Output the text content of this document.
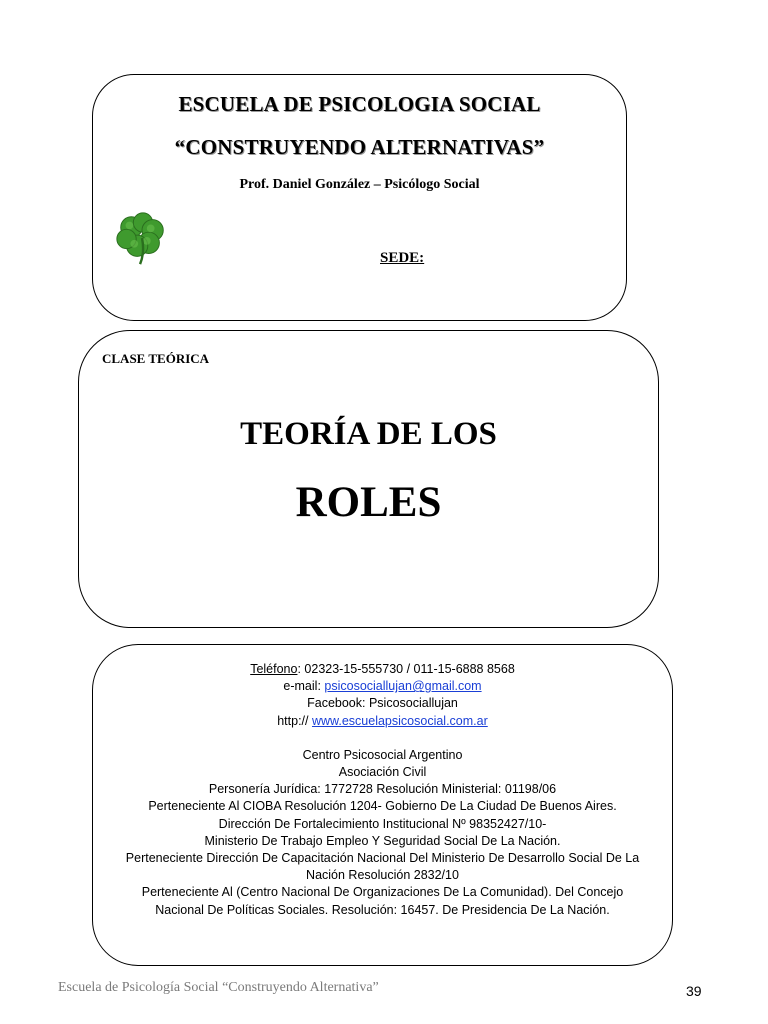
ESCUELA DE PSICOLOGIA SOCIAL
“CONSTRUYENDO ALTERNATIVAS”
Prof. Daniel González – Psicólogo Social
SEDE:
CLASE TEÓRICA
TEORÍA DE LOS
ROLES
Teléfono: 02323-15-555730 / 011-15-6888 8568
e-mail: psicosociallujan@gmail.com
Facebook: Psicosociallujan
http:// www.escuelapsicosocial.com.ar
Centro Psicosocial Argentino
Asociación Civil
Personería Jurídica: 1772728 Resolución Ministerial: 01198/06
Perteneciente Al CIOBA Resolución 1204- Gobierno De La Ciudad De Buenos Aires.
Dirección De Fortalecimiento Institucional Nº 98352427/10-
Ministerio De Trabajo Empleo Y Seguridad Social De La Nación.
Perteneciente Dirección De Capacitación Nacional Del Ministerio De Desarrollo Social De La
Nación Resolución 2832/10
Perteneciente Al (Centro Nacional De Organizaciones De La Comunidad). Del Concejo
Nacional De Políticas Sociales. Resolución: 16457. De Presidencia De La Nación.
Escuela de Psicología Social “Construyendo Alternativa”	39
